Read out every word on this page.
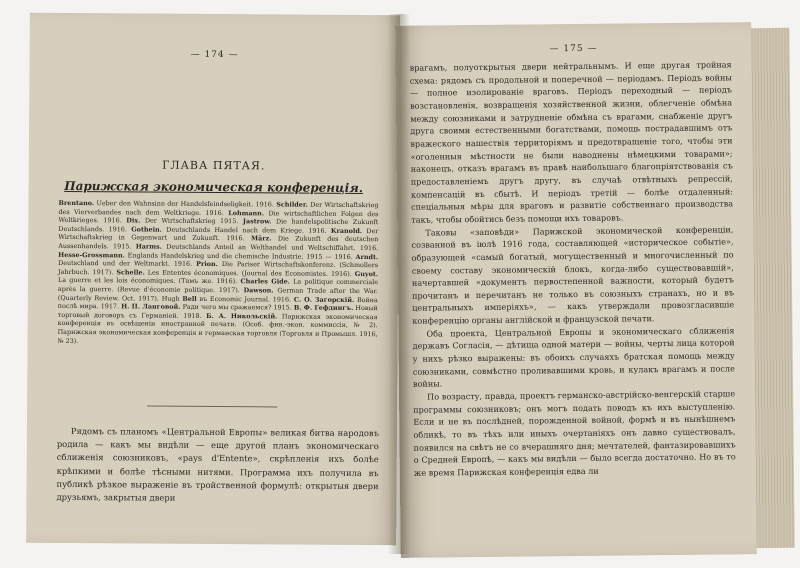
— 174 —
ГЛАВА ПЯТАЯ.
Парижская экономическая конференція.
Brentano. Ueber den Wahnsinn der Handelsfeindseligkeit. 1916. Schilder. Der Wirtschaftskrieg des Vierverbandes nach dem Weltkriege. 1916. Lohmann. Die wirtschaftlichen Folgen des Weltkrieges. 1916. Dix. Der Wirtschaftskrieg 1915. Jastrow. Die handelspolitische Zukunft Deutschlands. 1916. Gothein. Deutschlands Handel nach dem Kriege. 1916. Kranold. Der Wirtschaftskrieg in Gegenwart und Zukunft. 1916. März. Die Zukunft des deutschen Aussenhandels. 1915. Harms. Deutschlands Anteil an Welthandel und Weltschiffahrt. 1916. Hesse-Grossmann. Englands Handelskrieg und die chemische Industrie. 1915 — 1916. Arndt. Deutschland und der Weltmarkt. 1916. Prion. Die Pariser Wirtschaftskonferenz. (Schmollers Jahrbuch. 1917). Schelle. Les Ententes économiques. (Journal des Economistes. 1916). Guyot. La guerre et les lois économiques. (Тамъ же. 1916). Charles Gide. La politique commerciale après la guerre. (Revue d'économie politique. 1917). Dawson. German Trade after the War. (Quarterly Review. Oct. 1917). Hugh Bell въ Economic Journal. 1916. С. О. Загорскій. Война послѣ мира. 1917. Н. П. Ланговой. Ради чего мы сражаемся? 1915. В. Ф. Гефдингъ. Новый торговый договоръ съ Германіей. 1918. Б. А. Никольскій. Парижская экономическая конференція въ освѣщеніи иностранной печати. (Особ. фин.-экон. коммиссія, № 2). Парижская экономическая конференція и германская торговля (Торговля и Промышл. 1916, № 23).

Рядомъ съ планомъ «Центральной Европы» великая битва народовъ родила — какъ мы видѣли — еще другой планъ экономическаго сближенія союзниковъ, «pays d'Entente», скрѣпленія ихъ болѣе крѣпкими и болѣе тѣсными нитями. Программа ихъ получила въ публикѣ рѣзкое выраженіе въ тройственной формулѣ: открытыя двери друзьямъ, закрытыя двери

— 175 —

врагамъ, полуоткрытыя двери нейтральнымъ. И еще другая тройная схема: рядомъ съ продольной и поперечной — періодамъ. Періодъ войны — полное изолированіе враговъ. Періодъ переходный — періодъ возстановленія, возвращенія хозяйственной жизни, облегченіе обмѣна между союзниками и затрудненіе обмѣна съ врагами, снабженіе другъ друга своими естественными богатствами, помощь пострадавшимъ отъ вражеского нашествія территоріямъ и предотвращеніе того, чтобы эти «оголенныя мѣстности не были наводнены нѣмецкими товарами»; наконецъ, отказъ врагамъ въ правѣ наибольшаго благопріятствованія съ предоставленіемъ другъ другу, въ случаѣ отвѣтныхъ репрессій, компенсацій въ сбытѣ. И періодъ третій — болѣе отдаленный: спеціальныя мѣры для враговъ и развитіе собственнаго производства такъ, чтобы обойтись безъ помощи ихъ товаровъ.

Таковы «заповѣди» Парижской экономической конференціи, созванной въ іюлѣ 1916 года, составляющей «историческое событіе», образующей «самый богатый, могущественный и многочисленный по своему составу экономическій блокъ, когда-либо существовавшій», начертавшей «документъ первостепенной важности, который будетъ прочитанъ и перечитанъ не только въ союзныхъ странахъ, но и въ центральныхъ имперіяхъ», — какъ утверждали провозгласившіе конференцію органы англійской и французской печати.

Оба проекта, Центральной Европы и экономическаго сближенія державъ Согласія, — дѣтища одной матери — войны, черты лица которой у нихъ рѣзко выражены: въ обоихъ случаяхъ братская помощь между союзниками, совмѣстно проливавшими кровь, и кулакъ врагамъ и после войны.

По возрасту, правда, проектъ германско-австрійско-венгерскій старше программы союзниковъ; онъ могъ подать поводъ къ ихъ выступленію. Если и не въ послѣдней, порожденной войной, формѣ и въ нынѣшнемъ обликѣ, то въ тѣхъ или иныхъ очертаніяхъ онъ давно существовалъ, появился на свѣтъ не со вчерашняго дня; мечтателей, фантазировавшихъ о Средней Европѣ, — какъ мы видѣли — было всегда достаточно. Но въ то же время Парижская конференція едва ли
